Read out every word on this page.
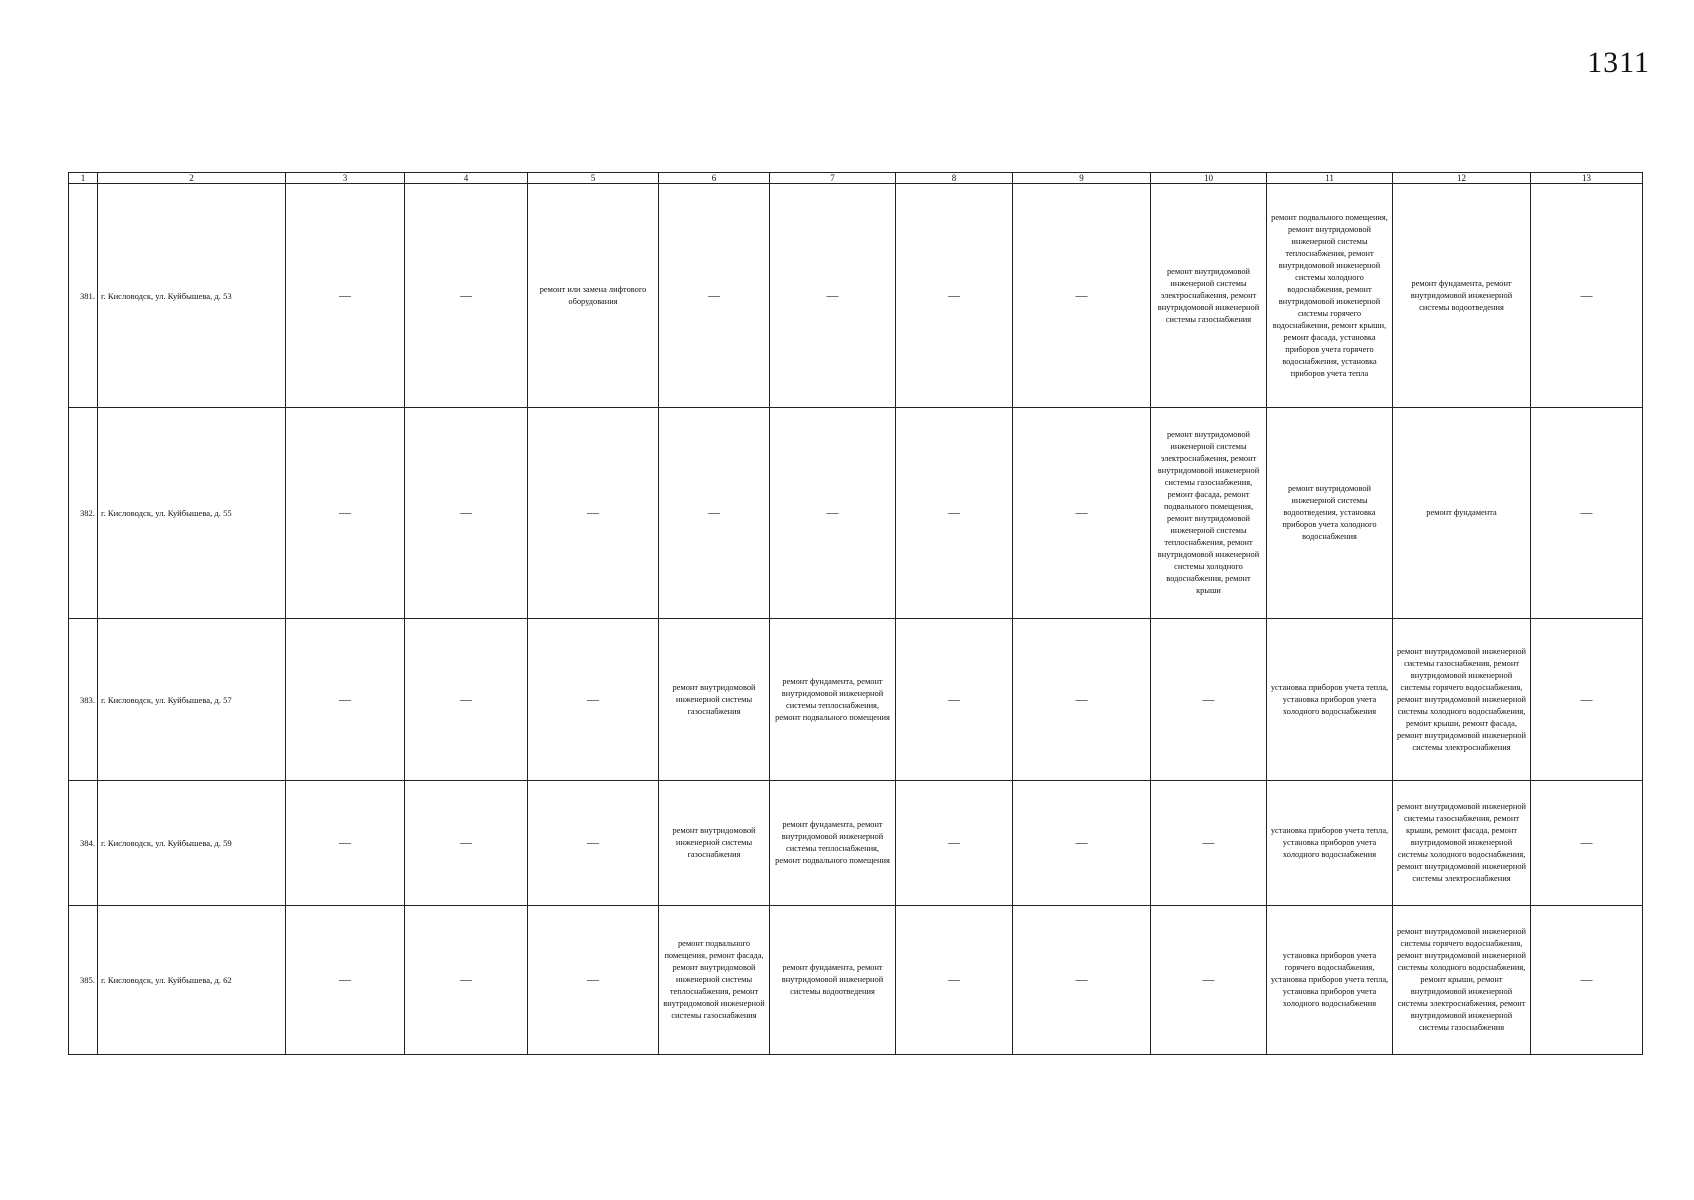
1311
1	2	3	4	5	6	7	8	9	10	11	12	13
381.	г. Кисловодск, ул. Куйбышева, д. 53	—	—	ремонт или замена лифтового оборудования	—	—	—	—	ремонт внутридомовой инженерной системы электроснабжения, ремонт внутридомовой инженерной системы газоснабжения	ремонт подвального помещения, ремонт внутридомовой инженерной системы теплоснабжения, ремонт внутридомовой инженерной системы холодного водоснабжения, ремонт внутридомовой инженерной системы горячего водоснабжения, ремонт крыши, ремонт фасада, установка приборов учета горячего водоснабжения, установка приборов учета тепла	ремонт фундамента, ремонт внутридомовой инженерной системы водоотведения	—
382.	г. Кисловодск, ул. Куйбышева, д. 55	—	—	—	—	—	—	—	ремонт внутридомовой инженерной системы электроснабжения, ремонт внутридомовой инженерной системы газоснабжения, ремонт фасада, ремонт подвального помещения, ремонт внутридомовой инженерной системы теплоснабжения, ремонт внутридомовой инженерной системы холодного водоснабжения, ремонт крыши	ремонт внутридомовой инженерной системы водоотведения, установка приборов учета холодного водоснабжения	ремонт фундамента	—
383.	г. Кисловодск, ул. Куйбышева, д. 57	—	—	—	ремонт внутридомовой инженерной системы газоснабжения	ремонт фундамента, ремонт внутридомовой инженерной системы теплоснабжения, ремонт подвального помещения	—	—	—	установка приборов учета тепла, установка приборов учета холодного водоснабжения	ремонт внутридомовой инженерной системы газоснабжения, ремонт внутридомовой инженерной системы горячего водоснабжения, ремонт внутридомовой инженерной системы холодного водоснабжения, ремонт крыши, ремонт фасада, ремонт внутридомовой инженерной системы электроснабжения	—
384.	г. Кисловодск, ул. Куйбышева, д. 59	—	—	—	ремонт внутридомовой инженерной системы газоснабжения	ремонт фундамента, ремонт внутридомовой инженерной системы теплоснабжения, ремонт подвального помещения	—	—	—	установка приборов учета тепла, установка приборов учета холодного водоснабжения	ремонт внутридомовой инженерной системы газоснабжения, ремонт крыши, ремонт фасада, ремонт внутридомовой инженерной системы холодного водоснабжения, ремонт внутридомовой инженерной системы электроснабжения	—
385.	г. Кисловодск, ул. Куйбышева, д. 62	—	—	—	ремонт подвального помещения, ремонт фасада, ремонт внутридомовой инженерной системы теплоснабжения, ремонт внутридомовой инженерной системы газоснабжения	ремонт фундамента, ремонт внутридомовой инженерной системы водоотведения	—	—	—	установка приборов учета горячего водоснабжения, установка приборов учета тепла, установка приборов учета холодного водоснабжения	ремонт внутридомовой инженерной системы горячего водоснабжения, ремонт внутридомовой инженерной системы холодного водоснабжения, ремонт крыши, ремонт внутридомовой инженерной системы электроснабжения, ремонт внутридомовой инженерной системы газоснабжения	—
